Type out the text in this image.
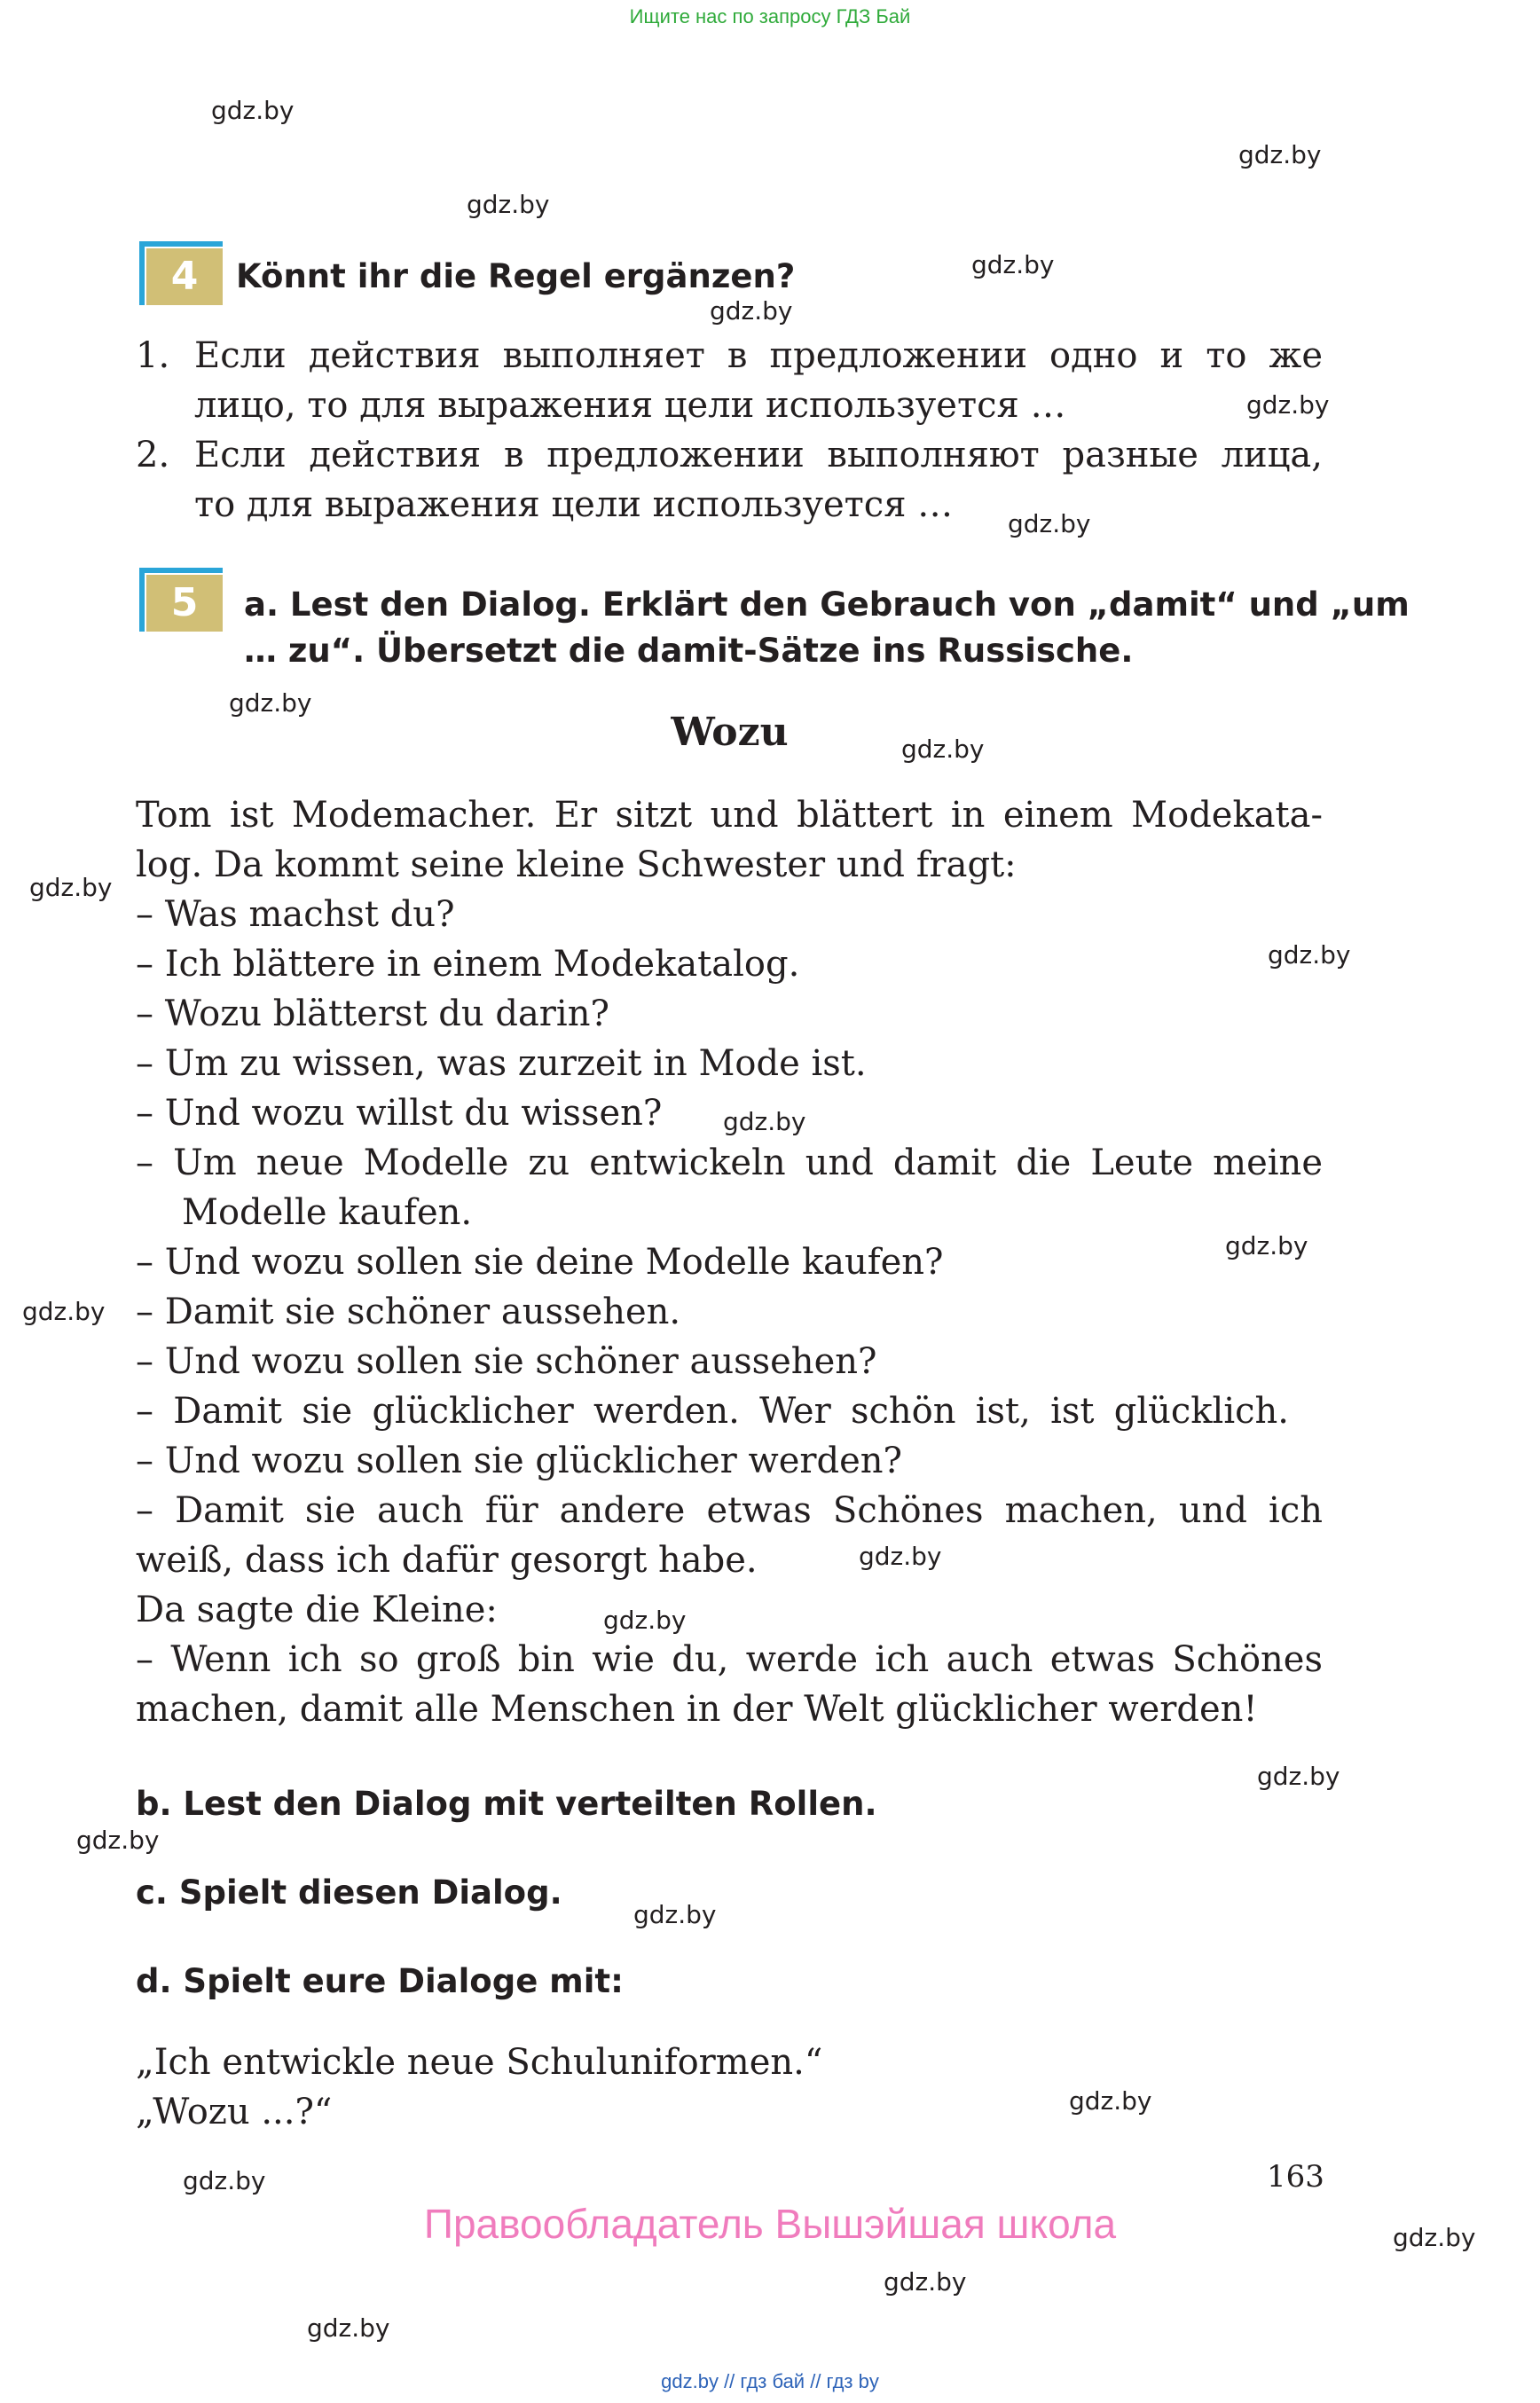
Ищите нас по запросу ГДЗ Бай
gdz.by
gdz.by
gdz.by
gdz.by
gdz.by
gdz.by
gdz.by
gdz.by
gdz.by
gdz.by
gdz.by
gdz.by
gdz.by
gdz.by
gdz.by
gdz.by
gdz.by
gdz.by
gdz.by
gdz.by
gdz.by
gdz.by
gdz.by
gdz.by
4	Könnt ihr die Regel ergänzen?
1. Если действия выполняет в предложении одно и то же
лицо, то для выражения цели используется …
2. Если действия в предложении выполняют разные лица,
то для выражения цели используется …
5	a. Lest den Dialog. Erklärt den Gebrauch von „damit“ und „um
… zu“. Übersetzt die damit-Sätze ins Russische.
Wozu
Tom ist Modemacher. Er sitzt und blättert in einem Modekata-
log. Da kommt seine kleine Schwester und fragt:
– Was machst du?
– Ich blättere in einem Modekatalog.
– Wozu blätterst du darin?
– Um zu wissen, was zurzeit in Mode ist.
– Und wozu willst du wissen?
– Um neue Modelle zu entwickeln und damit die Leute meine
Modelle kaufen.
– Und wozu sollen sie deine Modelle kaufen?
– Damit sie schöner aussehen.
– Und wozu sollen sie schöner aussehen?
– Damit sie glücklicher werden. Wer schön ist, ist glücklich.
– Und wozu sollen sie glücklicher werden?
– Damit sie auch für andere etwas Schönes machen, und ich
weiß, dass ich dafür gesorgt habe.
Da sagte die Kleine:
– Wenn ich so groß bin wie du, werde ich auch etwas Schönes
machen, damit alle Menschen in der Welt glücklicher werden!
b. Lest den Dialog mit verteilten Rollen.
c. Spielt diesen Dialog.
d. Spielt eure Dialoge mit:
„Ich entwickle neue Schuluniformen.“
„Wozu ...?“
163
Правообладатель Вышэйшая школа
gdz.by // гдз бай // гдз by
